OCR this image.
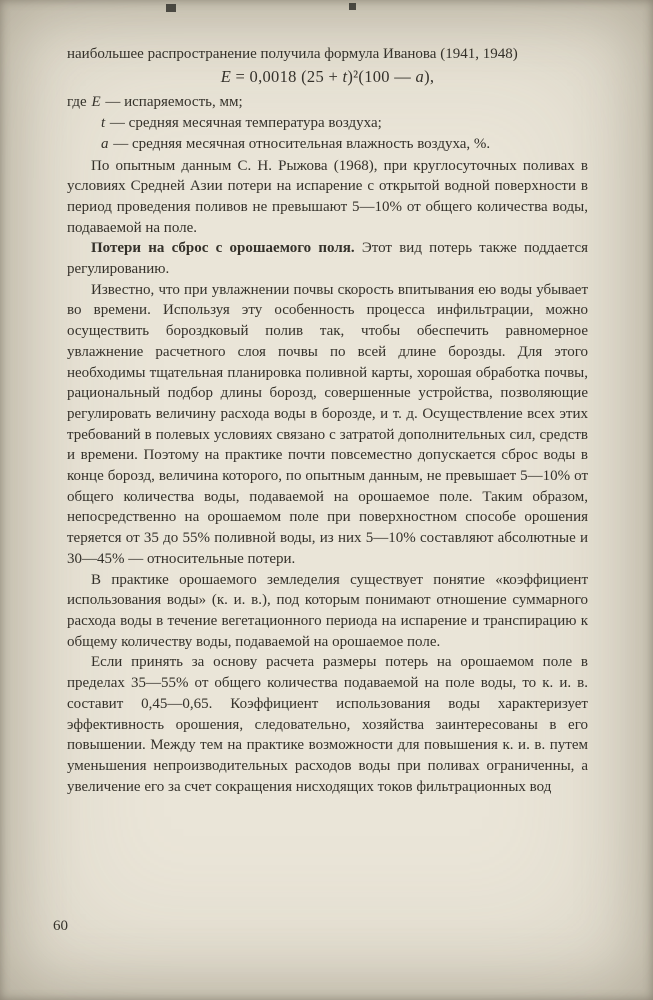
наибольшее распространение получила формула Иванова (1941, 1948)

E = 0,0018 (25 + t)²(100 — a),

где E — испаряемость, мм;
t — средняя месячная температура воздуха;
a — средняя месячная относительная влажность воздуха, %.

По опытным данным С. Н. Рыжова (1968), при круглосуточных поливах в условиях Средней Азии потери на испарение с открытой водной поверхности в период проведения поливов не превышают 5—10% от общего количества воды, подаваемой на поле.

Потери на сброс с орошаемого поля. Этот вид потерь также поддается регулированию.

Известно, что при увлажнении почвы скорость впитывания ею воды убывает во времени. Используя эту особенность процесса инфильтрации, можно осуществить бороздковый полив так, чтобы обеспечить равномерное увлажнение расчетного слоя почвы по всей длине борозды. Для этого необходимы тщательная планировка поливной карты, хорошая обработка почвы, рациональный подбор длины борозд, совершенные устройства, позволяющие регулировать величину расхода воды в борозде, и т. д. Осуществление всех этих требований в полевых условиях связано с затратой дополнительных сил, средств и времени. Поэтому на практике почти повсеместно допускается сброс воды в конце борозд, величина которого, по опытным данным, не превышает 5—10% от общего количества воды, подаваемой на орошаемое поле. Таким образом, непосредственно на орошаемом поле при поверхностном способе орошения теряется от 35 до 55% поливной воды, из них 5—10% составляют абсолютные и 30—45% — относительные потери.

В практике орошаемого земледелия существует понятие «коэффициент использования воды» (к. и. в.), под которым понимают отношение суммарного расхода воды в течение вегетационного периода на испарение и транспирацию к общему количеству воды, подаваемой на орошаемое поле.

Если принять за основу расчета размеры потерь на орошаемом поле в пределах 35—55% от общего количества подаваемой на поле воды, то к. и. в. составит 0,45—0,65. Коэффициент использования воды характеризует эффективность орошения, следовательно, хозяйства заинтересованы в его повышении. Между тем на практике возможности для повышения к. и. в. путем уменьшения непроизводительных расходов воды при поливах ограниченны, а увеличение его за счет сокращения нисходящих токов фильтрационных вод

60
